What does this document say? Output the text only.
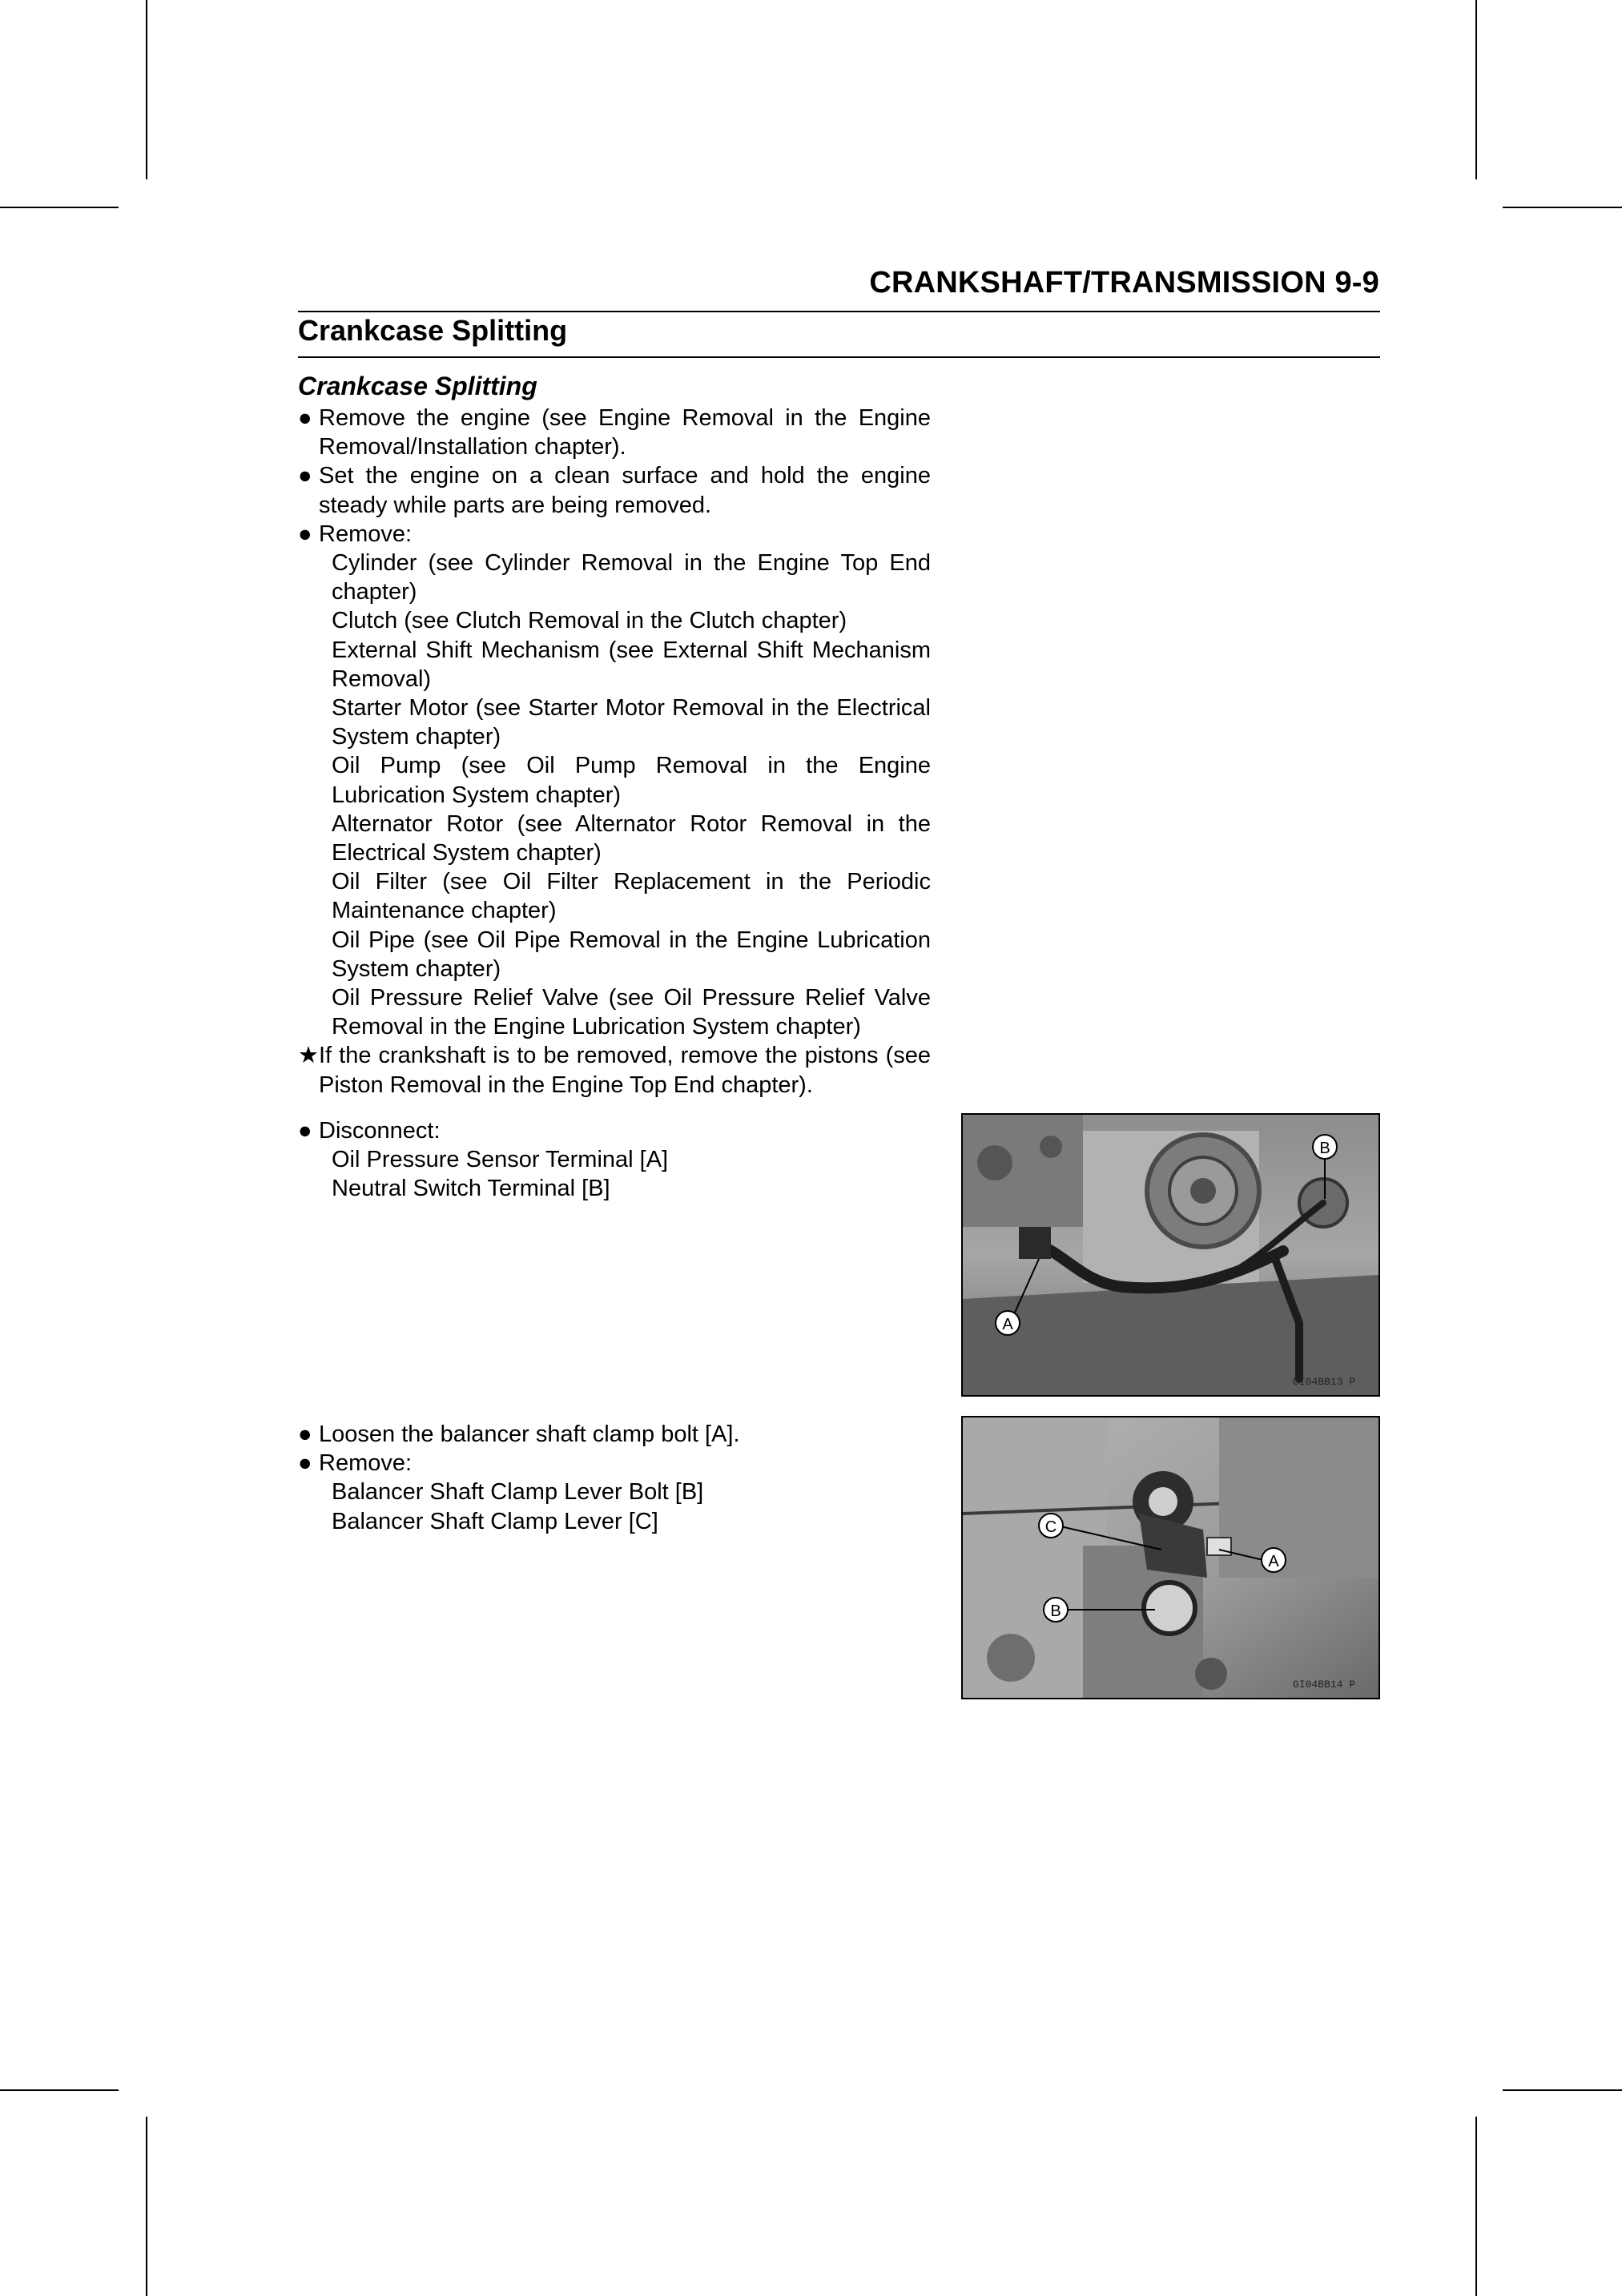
CRANKSHAFT/TRANSMISSION 9-9
Crankcase Splitting
Crankcase Splitting
● Remove the engine (see Engine Removal in the Engine Removal/Installation chapter).
● Set the engine on a clean surface and hold the engine steady while parts are being removed.
● Remove:
Cylinder (see Cylinder Removal in the Engine Top End chapter)
Clutch (see Clutch Removal in the Clutch chapter)
External Shift Mechanism (see External Shift Mechanism Removal)
Starter Motor (see Starter Motor Removal in the Electrical System chapter)
Oil Pump (see Oil Pump Removal in the Engine Lubrication System chapter)
Alternator Rotor (see Alternator Rotor Removal in the Electrical System chapter)
Oil Filter (see Oil Filter Replacement in the Periodic Maintenance chapter)
Oil Pipe (see Oil Pipe Removal in the Engine Lubrication System chapter)
Oil Pressure Relief Valve (see Oil Pressure Relief Valve Removal in the Engine Lubrication System chapter)
★ If the crankshaft is to be removed, remove the pistons (see Piston Removal in the Engine Top End chapter).
● Disconnect:
Oil Pressure Sensor Terminal [A]
Neutral Switch Terminal [B]
● Loosen the balancer shaft clamp bolt [A].
● Remove:
Balancer Shaft Clamp Lever Bolt [B]
Balancer Shaft Clamp Lever [C]
A
B
GI04BB13 P
C
A
B
GI04BB14 P
